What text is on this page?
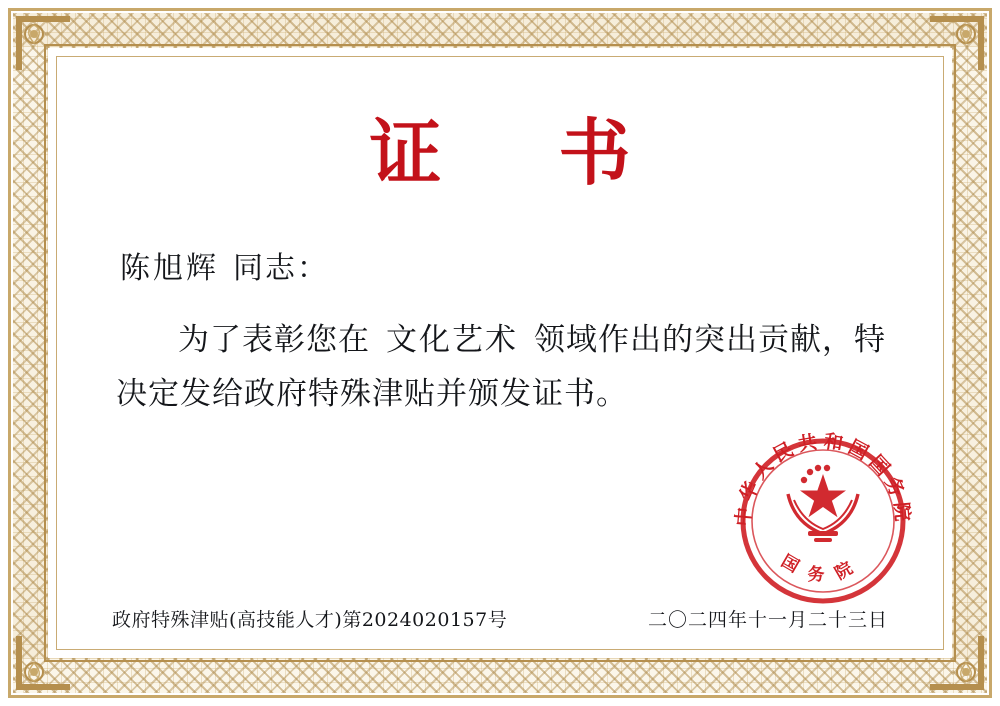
证 书
陈旭辉 同志：
为了表彰您在 文化艺术 领域作出的突出贡献，特决定发给政府特殊津贴并颁发证书。
中华人民共和国国务院
国务院
政府特殊津贴(高技能人才)第2024020157号	二〇二四年十一月二十三日
